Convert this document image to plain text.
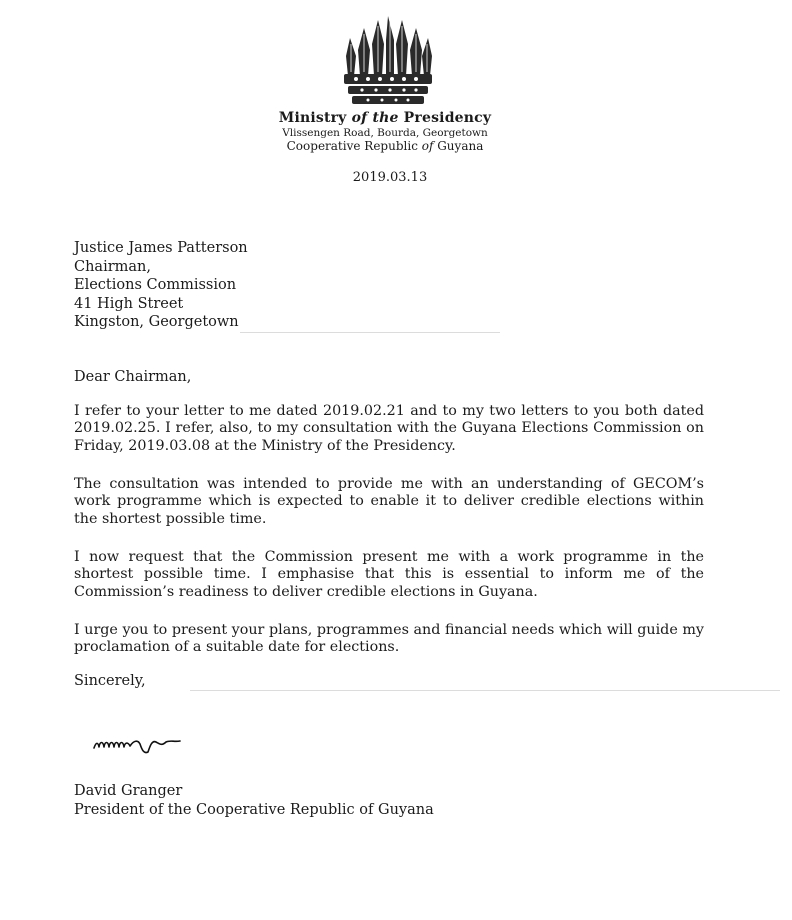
Ministry of the Presidency
Vlissengen Road, Bourda, Georgetown
Cooperative Republic of Guyana
2019.03.13
Justice James Patterson
Chairman,
Elections Commission
41 High Street
Kingston, Georgetown
Dear Chairman,
I refer to your letter to me dated 2019.02.21 and to my two letters to you both dated 2019.02.25. I refer, also, to my consultation with the Guyana Elections Commission on Friday, 2019.03.08 at the Ministry of the Presidency.
The consultation was intended to provide me with an understanding of GECOM’s work programme which is expected to enable it to deliver credible elections within the shortest possible time.
I now request that the Commission present me with a work programme in the shortest possible time. I emphasise that this is essential to inform me of the Commission’s readiness to deliver credible elections in Guyana.
I urge you to present your plans, programmes and financial needs which will guide my proclamation of a suitable date for elections.
Sincerely,
David Granger
President of the Cooperative Republic of Guyana
